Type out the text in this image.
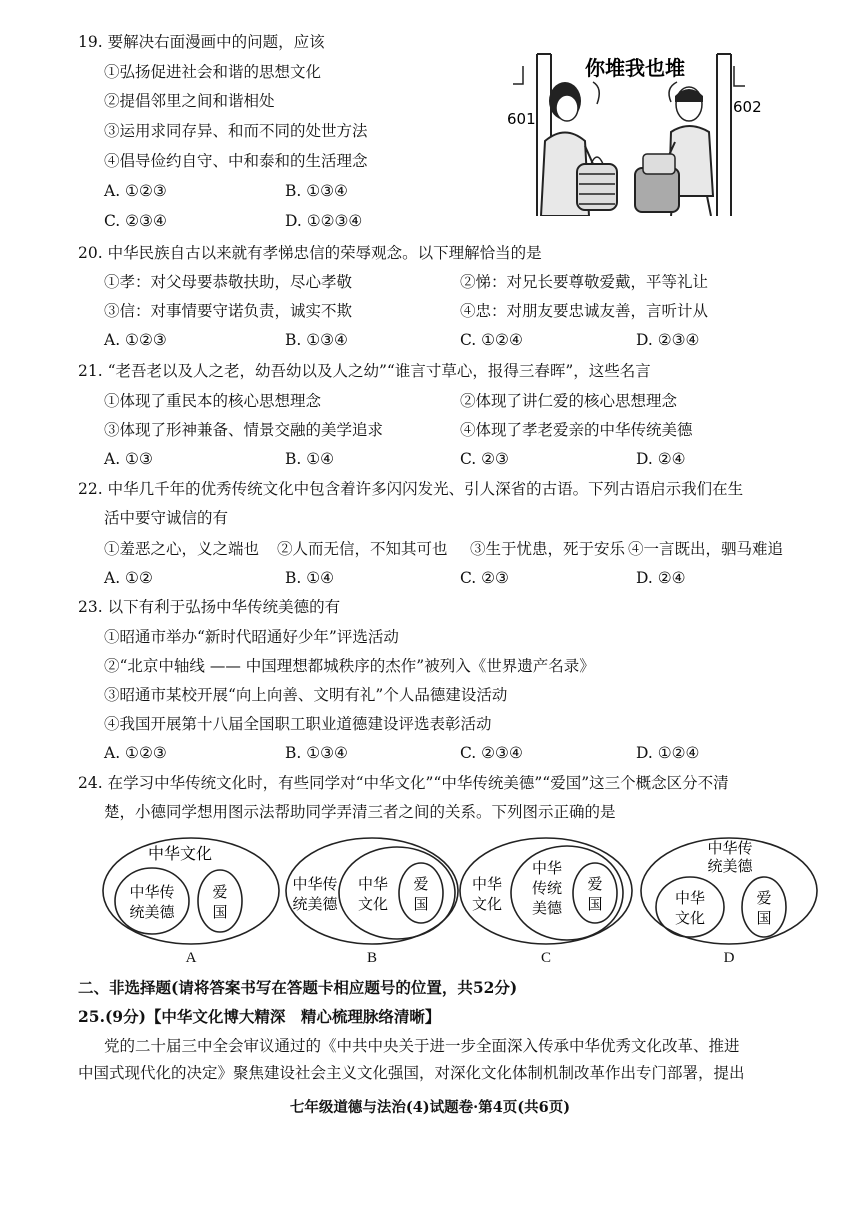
19. 要解决右面漫画中的问题，应该
①弘扬促进社会和谐的思想文化
②提倡邻里之间和谐相处
③运用求同存异、和而不同的处世方法
④倡导俭约自守、中和泰和的生活理念
A. ①②③	B. ①③④
C. ②③④	D. ①②③④
你堆我也堆
601
602
20. 中华民族自古以来就有孝悌忠信的荣辱观念。以下理解恰当的是
①孝：对父母要恭敬扶助，尽心孝敬	②悌：对兄长要尊敬爱戴，平等礼让
③信：对事情要守诺负责，诚实不欺	④忠：对朋友要忠诚友善，言听计从
A. ①②③	B. ①③④	C. ①②④	D. ②③④
21. “老吾老以及人之老，幼吾幼以及人之幼”“谁言寸草心，报得三春晖”，这些名言
①体现了重民本的核心思想理念	②体现了讲仁爱的核心思想理念
③体现了形神兼备、情景交融的美学追求	④体现了孝老爱亲的中华传统美德
A. ①③	B. ①④	C. ②③	D. ②④
22. 中华几千年的优秀传统文化中包含着许多闪闪发光、引人深省的古语。下列古语启示我们在生
活中要守诚信的有
①羞恶之心，义之端也 ②人而无信，不知其可也 ③生于忧患，死于安乐 ④一言既出，驷马难追
A. ①②	B. ①④	C. ②③	D. ②④
23. 以下有利于弘扬中华传统美德的有
①昭通市举办“新时代昭通好少年”评选活动
②“北京中轴线 —— 中国理想都城秩序的杰作”被列入《世界遗产名录》
③昭通市某校开展“向上向善、文明有礼”个人品德建设活动
④我国开展第十八届全国职工职业道德建设评选表彰活动
A. ①②③	B. ①③④	C. ②③④	D. ①②④
24. 在学习中华传统文化时，有些同学对“中华文化”“中华传统美德”“爱国”这三个概念区分不清
楚，小德同学想用图示法帮助同学弄清三者之间的关系。下列图示正确的是
中华文化
中华传
统美德
爱
国
A
中华传
统美德
中华
文化
爱
国
B
中华
文化
中华
传统
美德
爱
国
C
中华传
统美德
中华
文化
爱
国
D
二、非选择题(请将答案书写在答题卡相应题号的位置，共52分)
25.(9分)【中华文化博大精深　精心梳理脉络清晰】
党的二十届三中全会审议通过的《中共中央关于进一步全面深入传承中华优秀文化改革、推进
中国式现代化的决定》聚焦建设社会主义文化强国，对深化文化体制机制改革作出专门部署，提出
七年级道德与法治(4)试题卷·第4页(共6页)
